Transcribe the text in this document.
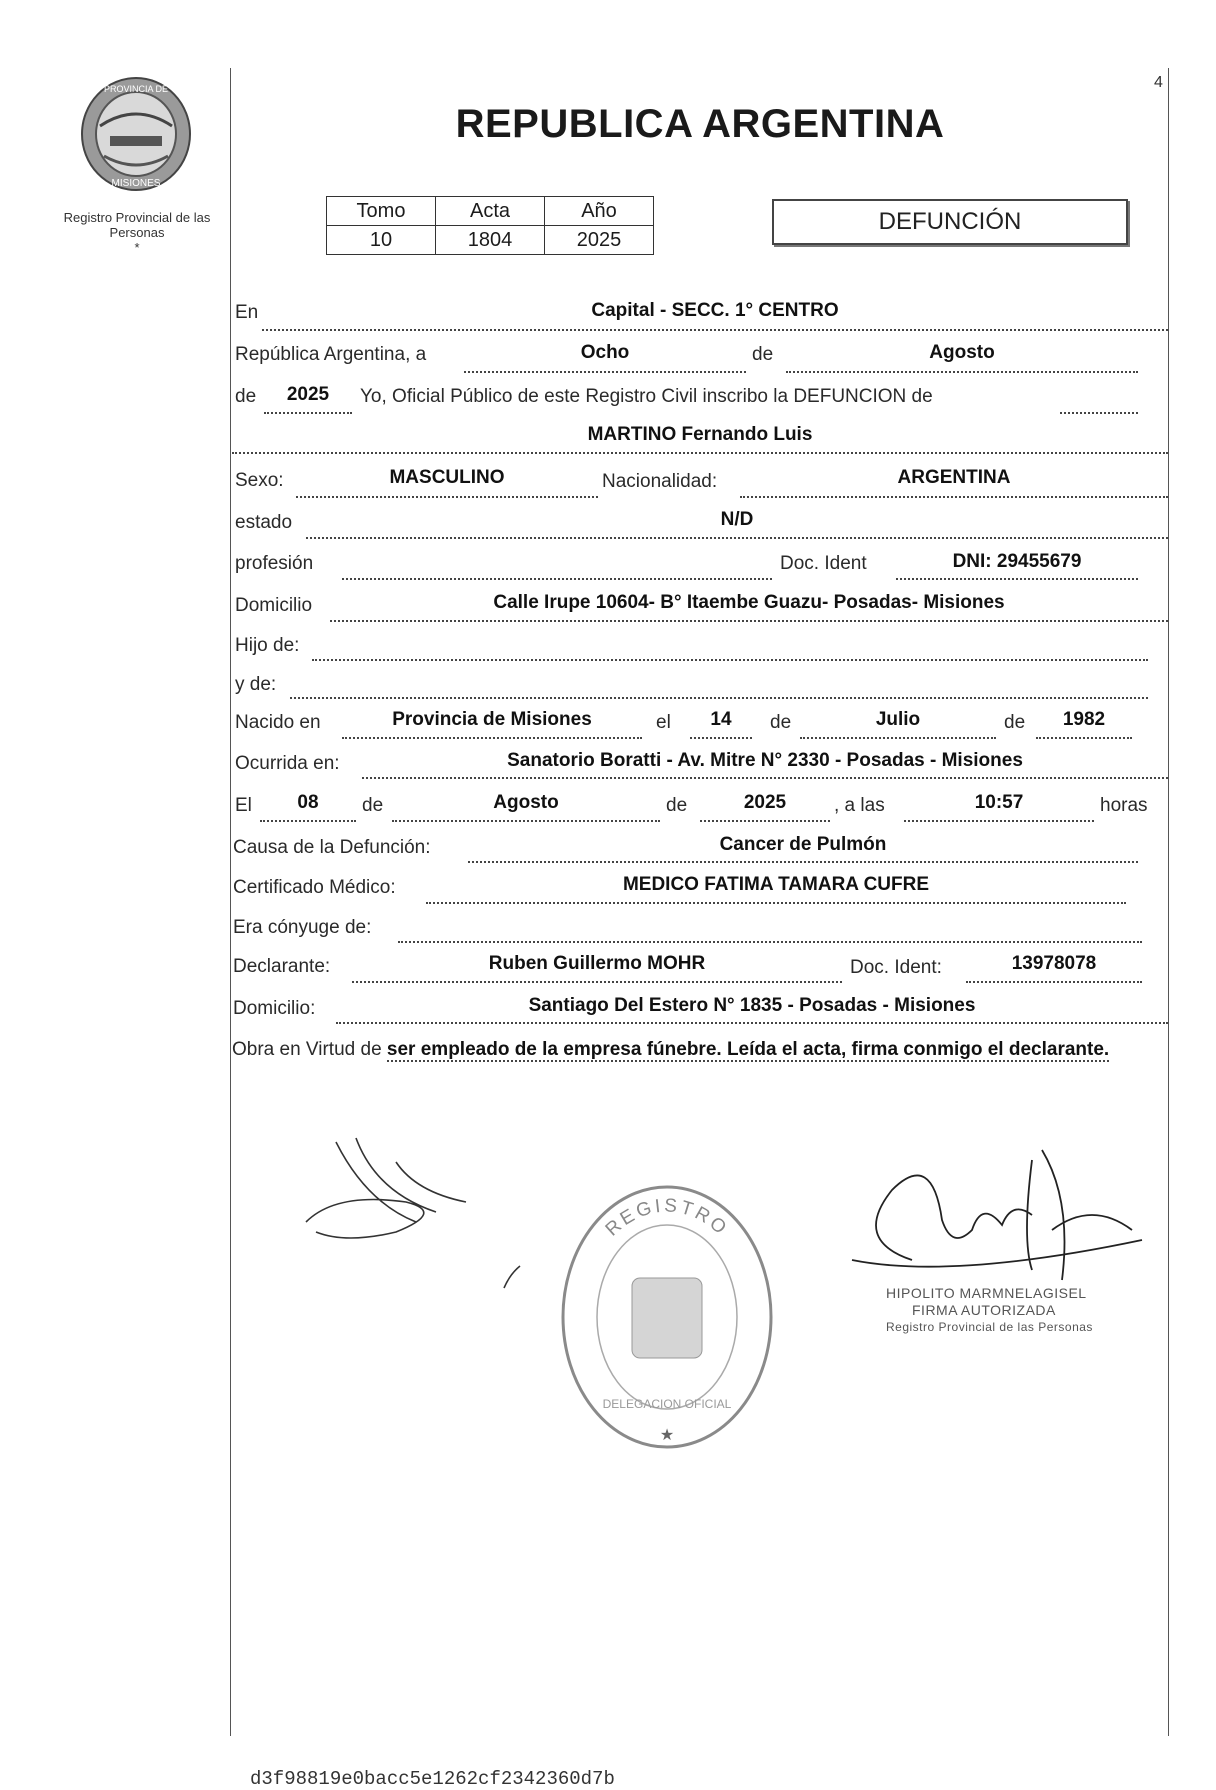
PROVINCIA DE
MISIONES
Registro Provincial de las Personas
*
4
REPUBLICA ARGENTINA
Tomo	Acta	Año
10	1804	2025
DEFUNCIÓN
En	Capital - SECC. 1° CENTRO
República Argentina, a	Ocho	de	Agosto
de	2025	Yo, Oficial Público de este Registro Civil inscribo la DEFUNCION de
MARTINO Fernando Luis
Sexo:	MASCULINO	Nacionalidad:	ARGENTINA
estado	N/D
profesión	Doc. Ident	DNI: 29455679
Domicilio	Calle Irupe 10604- B° Itaembe Guazu- Posadas- Misiones
Hijo de:
y de:
Nacido en	Provincia de Misiones	el	14	de	Julio	de	1982
Ocurrida en:	Sanatorio Boratti - Av. Mitre N° 2330 - Posadas - Misiones
El	08	de	Agosto	de	2025	, a las	10:57	horas
Causa de la Defunción:	Cancer de Pulmón
Certificado Médico:	MEDICO FATIMA TAMARA CUFRE
Era cónyuge de:
Declarante:	Ruben Guillermo MOHR	Doc. Ident:	13978078
Domicilio:	Santiago Del Estero N° 1835 - Posadas - Misiones
Obra en Virtud de ser empleado de la empresa fúnebre. Leída el acta, firma conmigo el declarante.
REGISTRO
DELEGACION OFICIAL
★
HIPOLITO MARMNELAGISEL
FIRMA AUTORIZADA
Registro Provincial de las Personas
d3f98819e0bacc5e1262cf2342360d7b
